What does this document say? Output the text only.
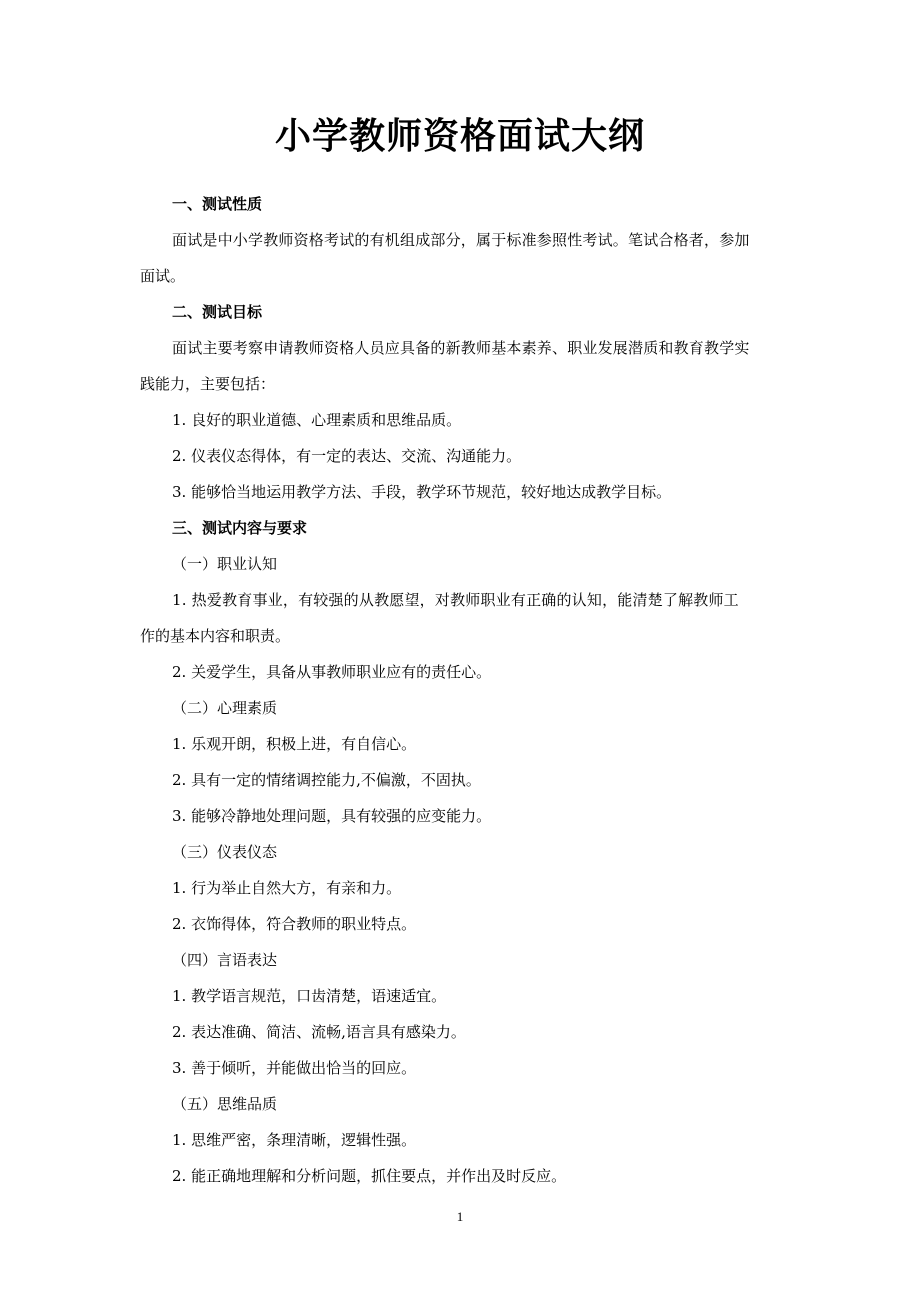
小学教师资格面试大纲
一、测试性质
面试是中小学教师资格考试的有机组成部分，属于标准参照性考试。笔试合格者，参加
面试。
二、测试目标
面试主要考察申请教师资格人员应具备的新教师基本素养、职业发展潜质和教育教学实
践能力，主要包括：
1. 良好的职业道德、心理素质和思维品质。
2. 仪表仪态得体，有一定的表达、交流、沟通能力。
3. 能够恰当地运用教学方法、手段，教学环节规范，较好地达成教学目标。
三、测试内容与要求
（一）职业认知
1. 热爱教育事业，有较强的从教愿望，对教师职业有正确的认知，能清楚了解教师工
作的基本内容和职责。
2. 关爱学生，具备从事教师职业应有的责任心。
（二）心理素质
1. 乐观开朗，积极上进，有自信心。
2. 具有一定的情绪调控能力,不偏激，不固执。
3. 能够冷静地处理问题，具有较强的应变能力。
（三）仪表仪态
1. 行为举止自然大方，有亲和力。
2. 衣饰得体，符合教师的职业特点。
（四）言语表达
1. 教学语言规范，口齿清楚，语速适宜。
2. 表达准确、简洁、流畅,语言具有感染力。
3. 善于倾听，并能做出恰当的回应。
（五）思维品质
1. 思维严密，条理清晰，逻辑性强。
2. 能正确地理解和分析问题，抓住要点，并作出及时反应。
1
